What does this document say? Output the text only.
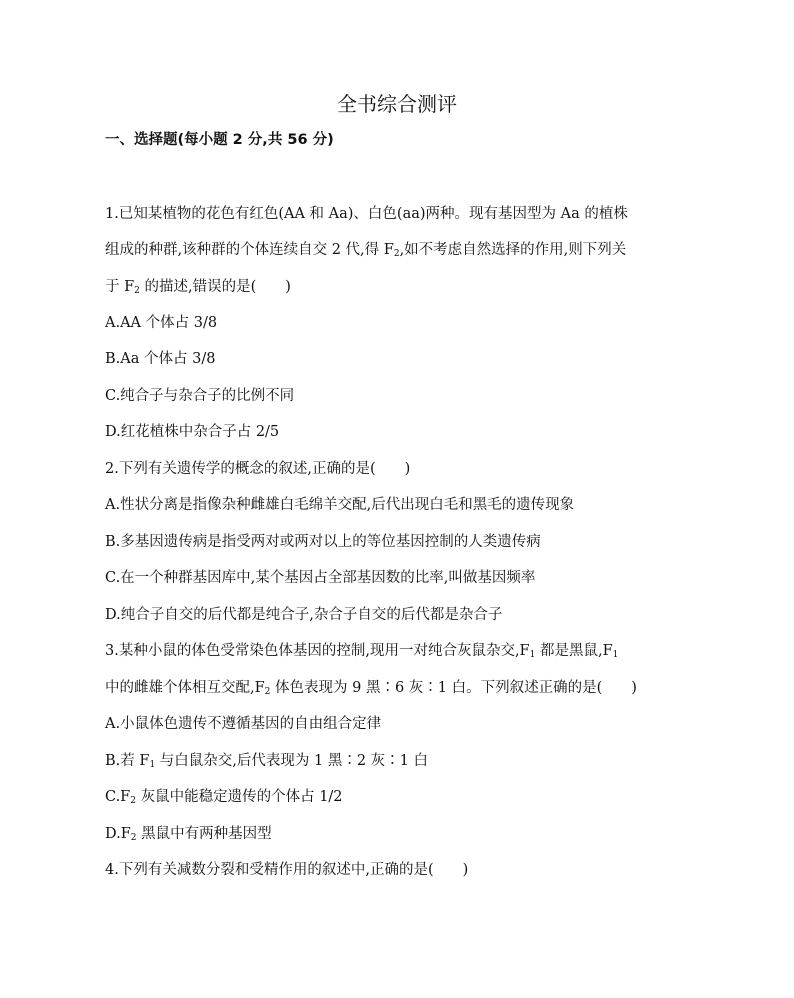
全书综合测评
一、选择题(每小题 2 分,共 56 分)
1.已知某植物的花色有红色(AA 和 Aa)、白色(aa)两种。现有基因型为 Aa 的植株
组成的种群,该种群的个体连续自交 2 代,得 $F_2$,如不考虑自然选择的作用,则下列关
于 $F_2$ 的描述,错误的是(　　)
A.AA 个体占 3/8
B.Aa 个体占 3/8
C.纯合子与杂合子的比例不同
D.红花植株中杂合子占 2/5
2.下列有关遗传学的概念的叙述,正确的是(　　)
A.性状分离是指像杂种雌雄白毛绵羊交配,后代出现白毛和黑毛的遗传现象
B.多基因遗传病是指受两对或两对以上的等位基因控制的人类遗传病
C.在一个种群基因库中,某个基因占全部基因数的比率,叫做基因频率
D.纯合子自交的后代都是纯合子,杂合子自交的后代都是杂合子
3.某种小鼠的体色受常染色体基因的控制,现用一对纯合灰鼠杂交$,F_1$ 都是黑鼠$,F_1$
中的雌雄个体相互交配$,F_2$ 体色表现为 9 黑∶6 灰∶1 白。下列叙述正确的是(　　)
A.小鼠体色遗传不遵循基因的自由组合定律
B.若 $F_1$ 与白鼠杂交,后代表现为 1 黑∶2 灰∶1 白
$C.F_2$ 灰鼠中能稳定遗传的个体占 1/2
$D.F_2$ 黑鼠中有两种基因型
4.下列有关减数分裂和受精作用的叙述中,正确的是(　　)
